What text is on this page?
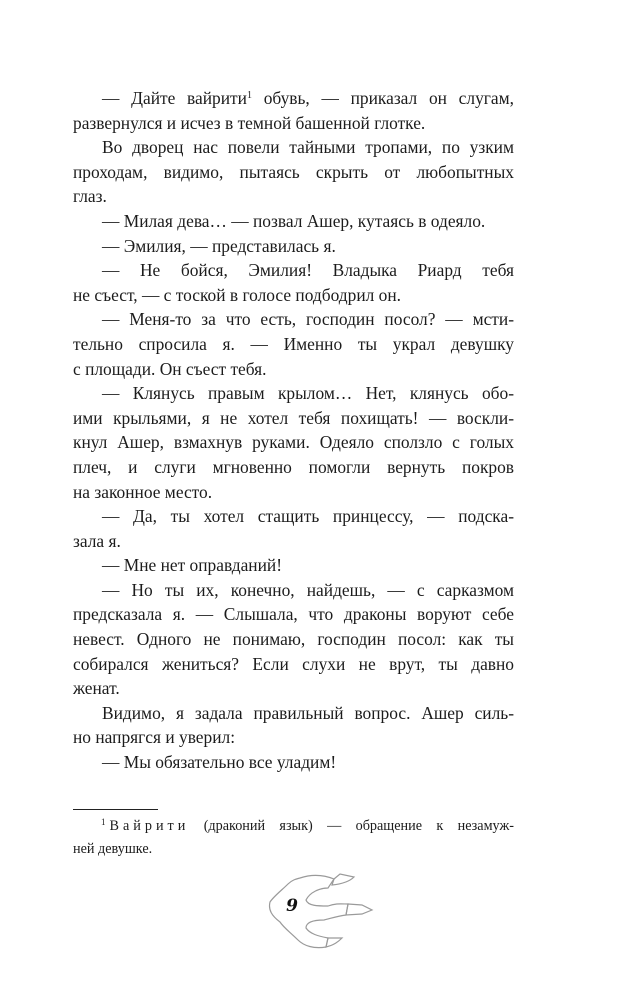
— Дайте вайрити$^1$ обувь, — приказал он слугам,
развернулся и исчез в темной башенной глотке.

Во дворец нас повели тайными тропами, по узким
проходам, видимо, пытаясь скрыть от любопытных
глаз.

— Милая дева… — позвал Ашер, кутаясь в одеяло.

— Эмилия, — представилась я.

— Не бойся, Эмилия! Владыка Риард тебя
не съест, — с тоской в голосе подбодрил он.

— Меня-то за что есть, господин посол? — мсти-
тельно спросила я. — Именно ты украл девушку
с площади. Он съест тебя.

— Клянусь правым крылом… Нет, клянусь обо-
ими крыльями, я не хотел тебя похищать! — воскли-
кнул Ашер, взмахнув руками. Одеяло сползло с голых
плеч, и слуги мгновенно помогли вернуть покров
на законное место.

— Да, ты хотел стащить принцессу, — подска-
зала я.

— Мне нет оправданий!

— Но ты их, конечно, найдешь, — с сарказмом
предсказала я. — Слышала, что драконы воруют себе
невест. Одного не понимаю, господин посол: как ты
собирался жениться? Если слухи не врут, ты давно
женат.

Видимо, я задала правильный вопрос. Ашер силь-
но напрягся и уверил:

— Мы обязательно все уладим!

$^1$ Вайрити (драконий язык) — обращение к незамуж-
ней девушке.
9
